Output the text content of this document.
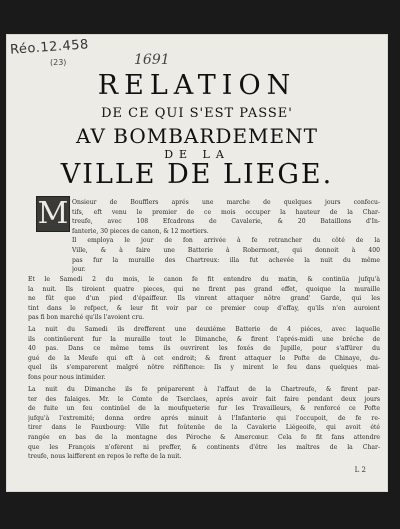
Réo.12.458
(23)	1691
RELATION
DE CE QUI S'EST PASSE'
AV BOMBARDEMENT
DE LA
VILLE DE LIEGE.
M Onsieur de Boufflers aprés une marche de quelques jours confecu-
tifs, eft venu le premier de ce mois occuper la hauteur de la Char-
treufe, avec 108 Efcadrons de Cavalerie, & 20 Bataillons d'In-
fanterie, 30 pieces de canon, & 12 mortiers.
Il employa le jour de fon arrivée à fe retrancher du côté de la
Ville, & à faire une Batterie à Robermont, qui donnoit à 400
pas fur la muraille des Chartreux: illa fut achevée la nuit du même
jour.
Et le Samedi 2 du mois, le canon fe fit entendre du matin, & continüa jufqu'à
la nuit. Ils tiroient quatre pieces, qui ne firent pas grand effet, quoique la muraille
ne fût que d'un pied d'épaiffeur. Ils vinrent attaquer nôtre grand' Garde, qui les
tint dans le refpect, & leur fit voir par ce premier coup d'effay, qu'ils n'en auroient
pas fi bon marché qu'ils l'avoient cru.
La nuit du Samedi ils drefferent une deuxiéme Batterie de 4 piéces, avec laquelle
ils continüerent fur la muraille tout le Dimanche, & firent l'aprés-midi une bréche de
40 pas. Dans ce même tems ils ouvrirent les foxés de Jupille, pour s'affürer du
gué de la Meufe qui eft à cet endroit; & firent attaquer le Pofte de Chinaye, du-
quel ils s'emparerent malgré nôtre réfiftence: Ils y mirent le feu dans quelques mai-
fons pour nous intimider.
La nuit du Dimanche ils fe préparerent à l'affaut de la Chartreufe, & firent par-
ter des falaiges. Mr. le Comte de Tserclaes, aprés avoir fait faire pendant deux jours
de fuite un feu continüel de la moufqueterie fur les Travailleurs, & renforcé ce Pofte
jufqu'à l'extremité; donna ordre aprés minuit à l'Infanterie qui l'occupoit, de fe re-
tirer dans le Fauxbourg: Ville fut foûtenüe de la Cavalerie Liégeoife, qui avoit été
rangée en bas de la montagne des Péroche & Amercœur. Cela fe fit fans attendre
que les François n'ofèrent ni preffer, & continents d'être les maîtres de la Char-
treufe, nous laifferent en repos le refte de la nuit.
L 2
